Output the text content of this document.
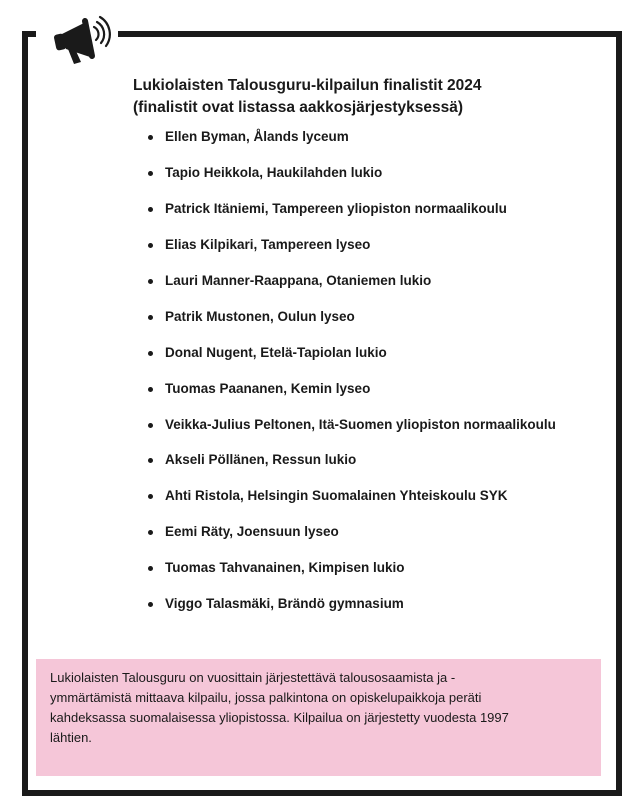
Lukiolaisten Talousguru-kilpailun finalistit 2024
(finalistit ovat listassa aakkosjärjestyksessä)
Ellen Byman, Ålands lyceum
Tapio Heikkola, Haukilahden lukio
Patrick Itäniemi, Tampereen yliopiston normaalikoulu
Elias Kilpikari, Tampereen lyseo
Lauri Manner-Raappana, Otaniemen lukio
Patrik Mustonen, Oulun lyseo
Donal Nugent, Etelä-Tapiolan lukio
Tuomas Paananen, Kemin lyseo
Veikka-Julius Peltonen, Itä-Suomen yliopiston normaalikoulu
Akseli Pöllänen, Ressun lukio
Ahti Ristola, Helsingin Suomalainen Yhteiskoulu SYK
Eemi Räty, Joensuun lyseo
Tuomas Tahvanainen, Kimpisen lukio
Viggo Talasmäki, Brändö gymnasium
Lukiolaisten Talousguru on vuosittain järjestettävä talousosaamista ja -
ymmärtämistä mittaava kilpailu, jossa palkintona on opiskelupaikkoja peräti
kahdeksassa suomalaisessa yliopistossa. Kilpailua on järjestetty vuodesta 1997
lähtien.
